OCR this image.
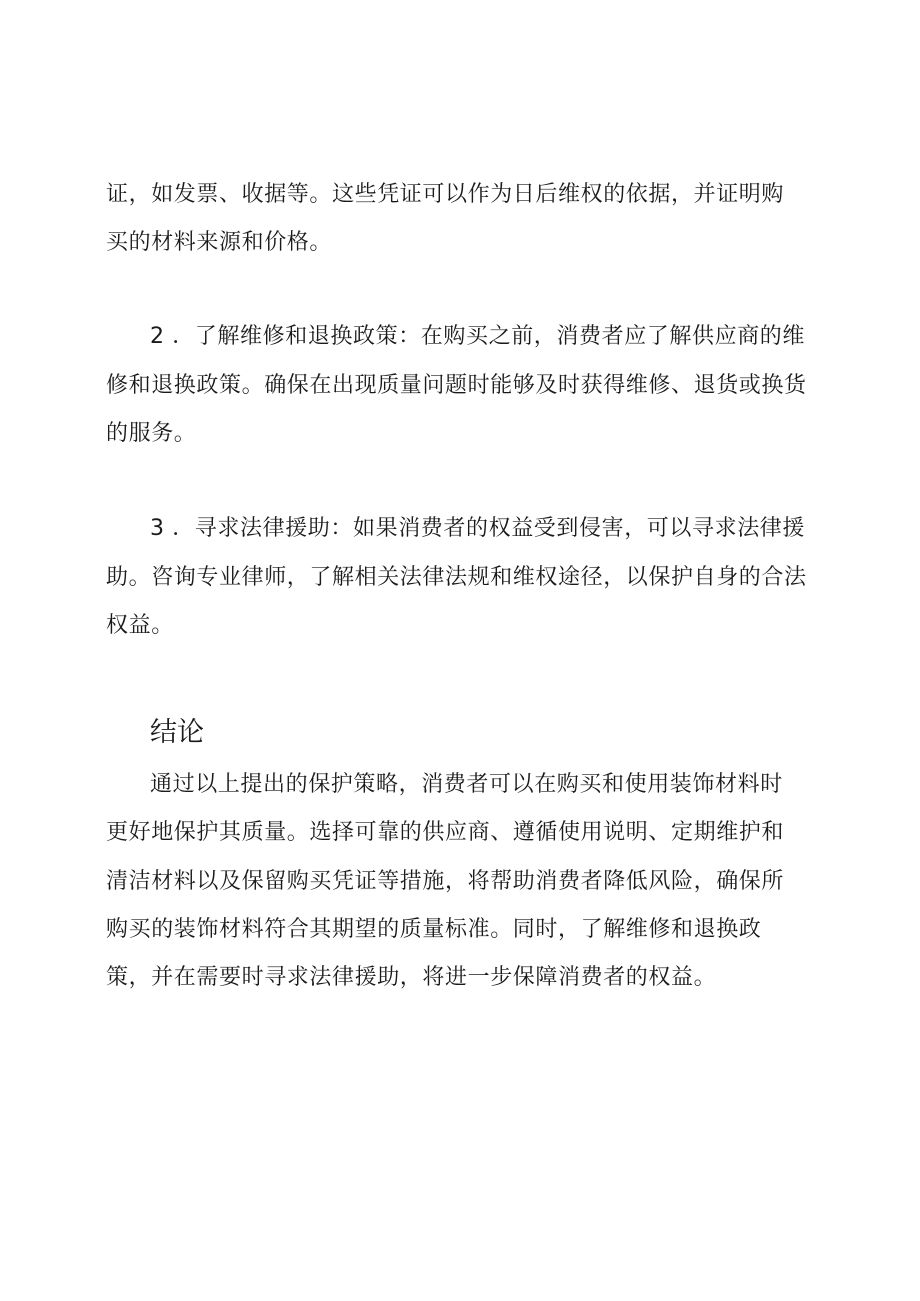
证，如发票、收据等。这些凭证可以作为日后维权的依据，并证明购
买的材料来源和价格。
2 ．了解维修和退换政策：在购买之前，消费者应了解供应商的维
修和退换政策。确保在出现质量问题时能够及时获得维修、退货或换货
的服务。
3 ．寻求法律援助：如果消费者的权益受到侵害，可以寻求法律援
助。咨询专业律师，了解相关法律法规和维权途径，以保护自身的合法
权益。
结论
通过以上提出的保护策略，消费者可以在购买和使用装饰材料时
更好地保护其质量。选择可靠的供应商、遵循使用说明、定期维护和
清洁材料以及保留购买凭证等措施，将帮助消费者降低风险，确保所
购买的装饰材料符合其期望的质量标准。同时，了解维修和退换政
策，并在需要时寻求法律援助，将进一步保障消费者的权益。
